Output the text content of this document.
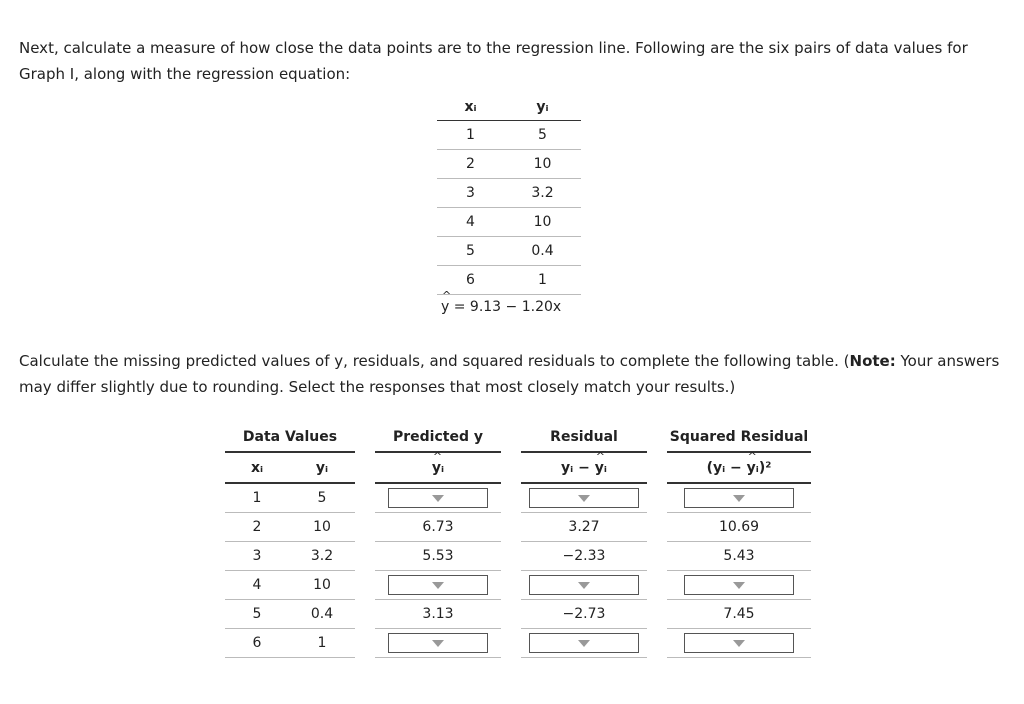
Next, calculate a measure of how close the data points are to the regression line. Following are the six pairs of data values for Graph I, along with the regression equation:

xᵢ	yᵢ
1	5
2	10
3	3.2
4	10
5	0.4
6	1
^ y = 9.13 − 1.20x

Calculate the missing predicted values of y, residuals, and squared residuals to complete the following table. (Note: Your answers may differ slightly due to rounding. Select the responses that most closely match your results.)

Data Values			Predicted y		Residual		Squared Residual
xᵢ	yᵢ		^ yᵢ		yᵢ − ^ yᵢ		(yᵢ − ^ yᵢ)²
1	5						
2	10		6.73		3.27		10.69
3	3.2		5.53		−2.33		5.43
4	10						
5	0.4		3.13		−2.73		7.45
6	1						
